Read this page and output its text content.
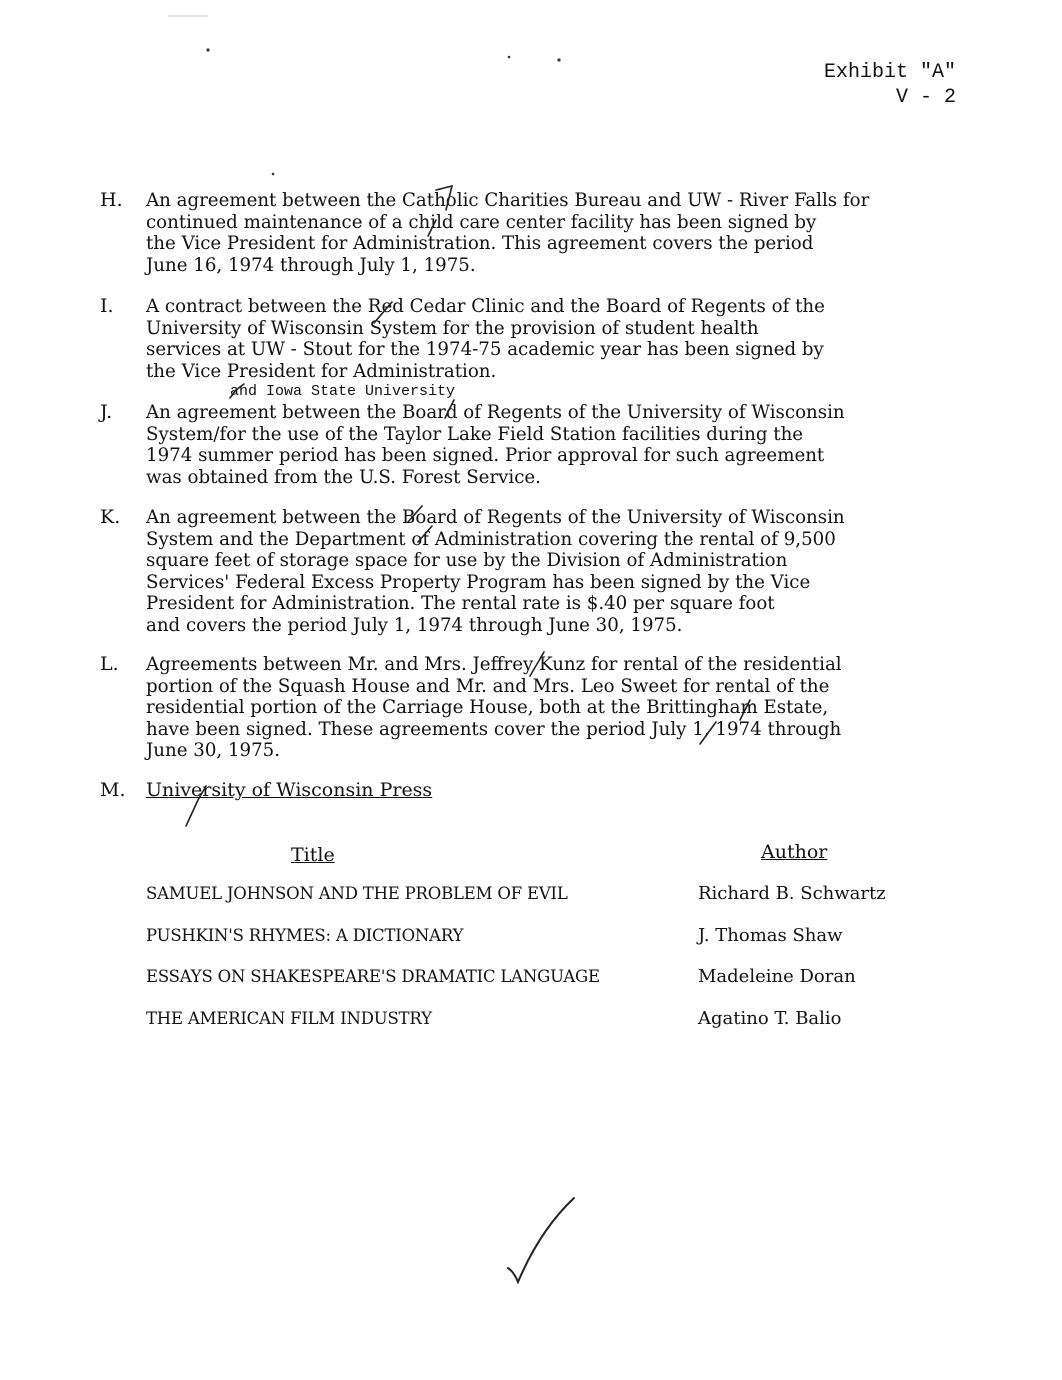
Exhibit "A"
V - 2
H.	An agreement between the Catholic Charities Bureau and UW - River Falls for
continued maintenance of a child care center facility has been signed by
the Vice President for Administration. This agreement covers the period
June 16, 1974 through July 1, 1975.
I.	A contract between the Red Cedar Clinic and the Board of Regents of the
University of Wisconsin System for the provision of student health
services at UW - Stout for the 1974-75 academic year has been signed by
the Vice President for Administration.
and Iowa State University
J.	An agreement between the Board of Regents of the University of Wisconsin
System/for the use of the Taylor Lake Field Station facilities during the
1974 summer period has been signed. Prior approval for such agreement
was obtained from the U.S. Forest Service.
K.	An agreement between the Board of Regents of the University of Wisconsin
System and the Department of Administration covering the rental of 9,500
square feet of storage space for use by the Division of Administration
Services' Federal Excess Property Program has been signed by the Vice
President for Administration. The rental rate is $.40 per square foot
and covers the period July 1, 1974 through June 30, 1975.
L.	Agreements between Mr. and Mrs. Jeffrey Kunz for rental of the residential
portion of the Squash House and Mr. and Mrs. Leo Sweet for rental of the
residential portion of the Carriage House, both at the Brittingham Estate,
have been signed. These agreements cover the period July 1, 1974 through
June 30, 1975.
M.	University of Wisconsin Press
Title	Author
SAMUEL JOHNSON AND THE PROBLEM OF EVIL	Richard B. Schwartz
PUSHKIN'S RHYMES: A DICTIONARY	J. Thomas Shaw
ESSAYS ON SHAKESPEARE'S DRAMATIC LANGUAGE	Madeleine Doran
THE AMERICAN FILM INDUSTRY	Agatino T. Balio
